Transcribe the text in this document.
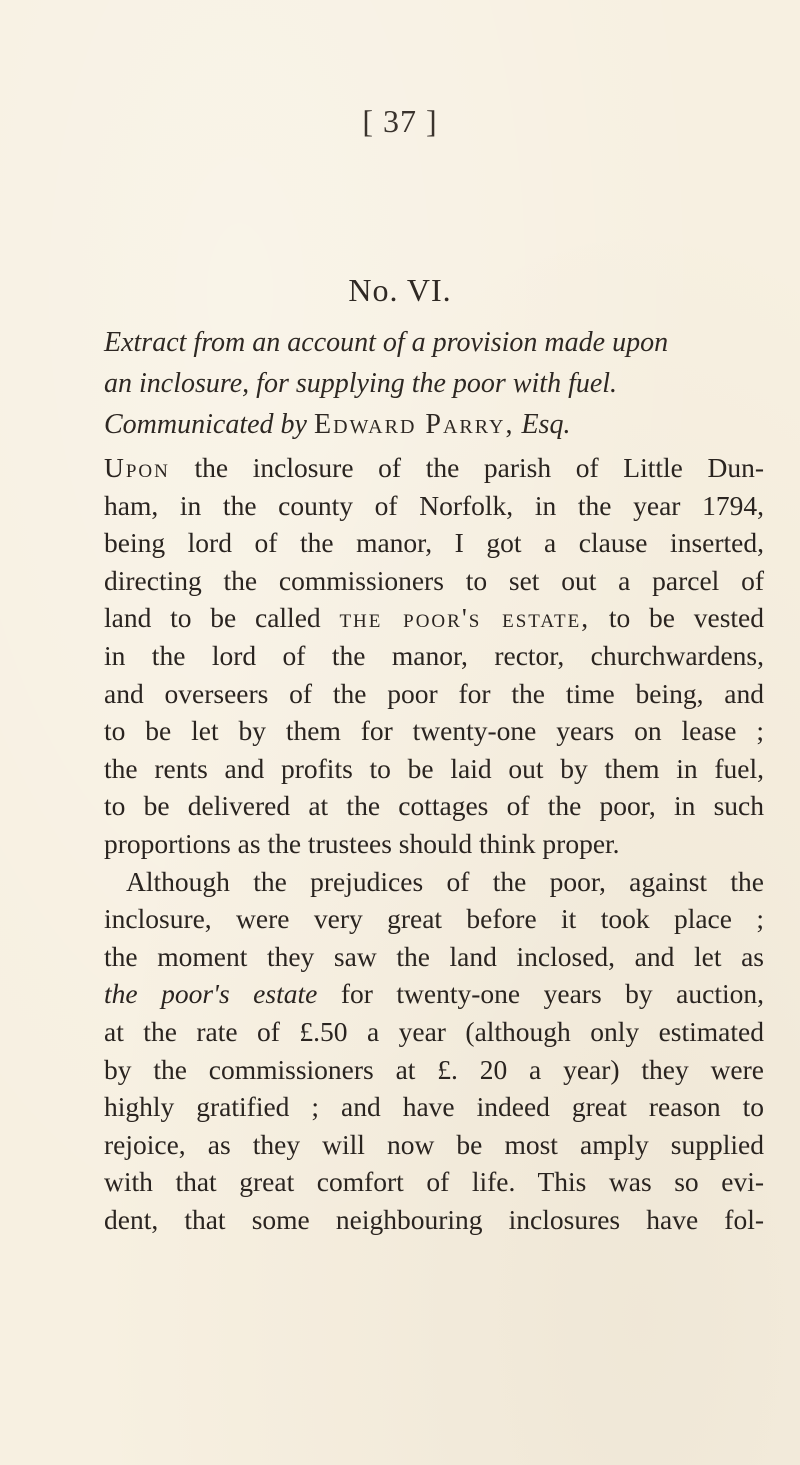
[ 37 ]
No. VI.
Extract from an account of a provision made upon
an inclosure, for supplying the poor with fuel.
Communicated by Edward Parry, Esq.
Upon the inclosure of the parish of Little Dun-
ham, in the county of Norfolk, in the year 1794,
being lord of the manor, I got a clause inserted,
directing the commissioners to set out a parcel of
land to be called the poor's estate, to be vested
in the lord of the manor, rector, churchwardens,
and overseers of the poor for the time being, and
to be let by them for twenty-one years on lease ;
the rents and profits to be laid out by them in fuel,
to be delivered at the cottages of the poor, in such
proportions as the trustees should think proper.
Although the prejudices of the poor, against the
inclosure, were very great before it took place ;
the moment they saw the land inclosed, and let as
the poor's estate for twenty-one years by auction,
at the rate of £.50 a year (although only estimated
by the commissioners at £. 20 a year) they were
highly gratified ; and have indeed great reason to
rejoice, as they will now be most amply supplied
with that great comfort of life. This was so evi-
dent, that some neighbouring inclosures have fol-
